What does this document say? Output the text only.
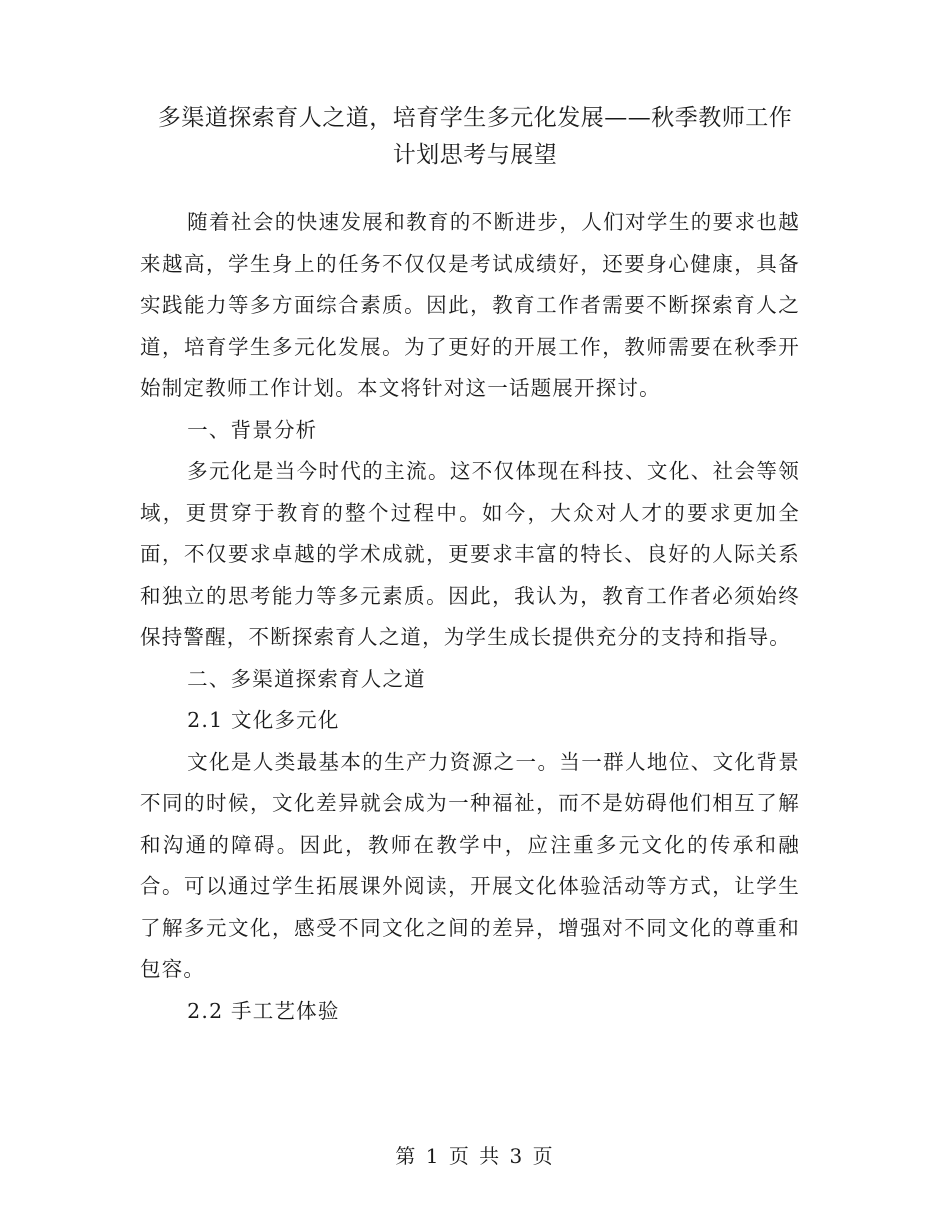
多渠道探索育人之道，培育学生多元化发展——秋季教师工作
计划思考与展望

随着社会的快速发展和教育的不断进步，人们对学生的要求也越来越高，学生身上的任务不仅仅是考试成绩好，还要身心健康，具备实践能力等多方面综合素质。因此，教育工作者需要不断探索育人之道，培育学生多元化发展。为了更好的开展工作，教师需要在秋季开始制定教师工作计划。本文将针对这一话题展开探讨。

一、背景分析

多元化是当今时代的主流。这不仅体现在科技、文化、社会等领域，更贯穿于教育的整个过程中。如今，大众对人才的要求更加全面，不仅要求卓越的学术成就，更要求丰富的特长、良好的人际关系和独立的思考能力等多元素质。因此，我认为，教育工作者必须始终保持警醒，不断探索育人之道，为学生成长提供充分的支持和指导。

二、多渠道探索育人之道

2.1 文化多元化

文化是人类最基本的生产力资源之一。当一群人地位、文化背景不同的时候，文化差异就会成为一种福祉，而不是妨碍他们相互了解和沟通的障碍。因此，教师在教学中，应注重多元文化的传承和融合。可以通过学生拓展课外阅读，开展文化体验活动等方式，让学生了解多元文化，感受不同文化之间的差异，增强对不同文化的尊重和包容。

2.2 手工艺体验

第 1 页 共 3 页
